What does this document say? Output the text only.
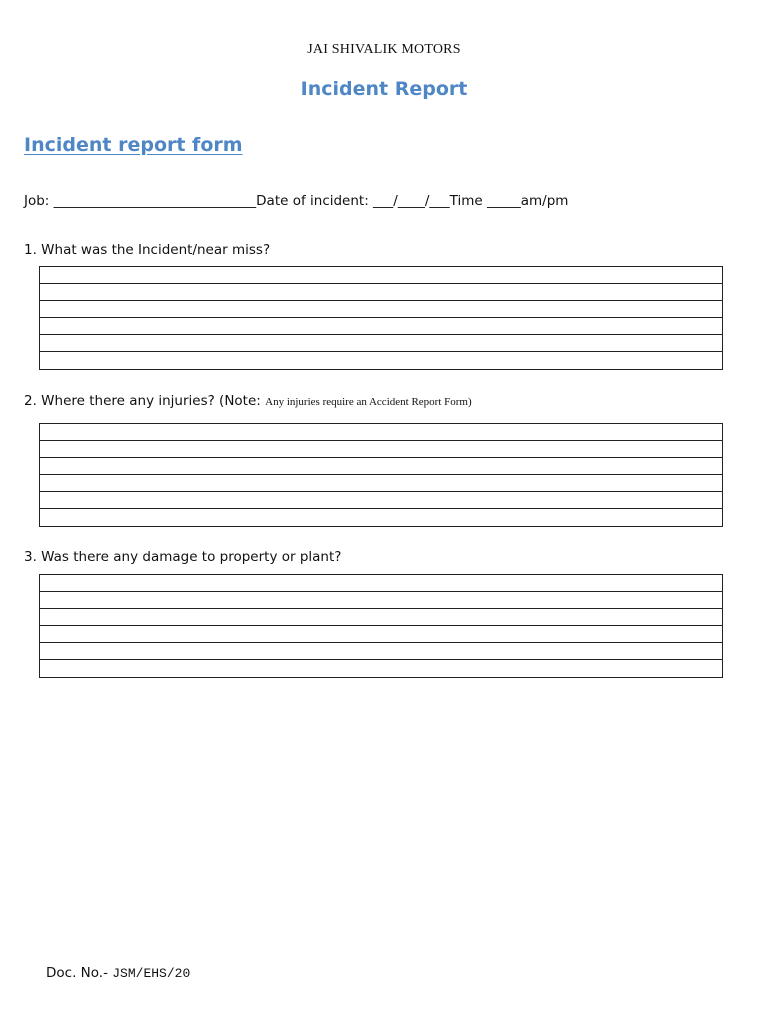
JAI SHIVALIK MOTORS
Incident Report
Incident report form
Job: ______________________________Date of incident: ___/____/___Time _____am/pm
1. What was the Incident/near miss?
2. Where there any injuries? (Note: Any injuries require an Accident Report Form)
3. Was there any damage to property or plant?
Doc. No.- JSM/EHS/20
